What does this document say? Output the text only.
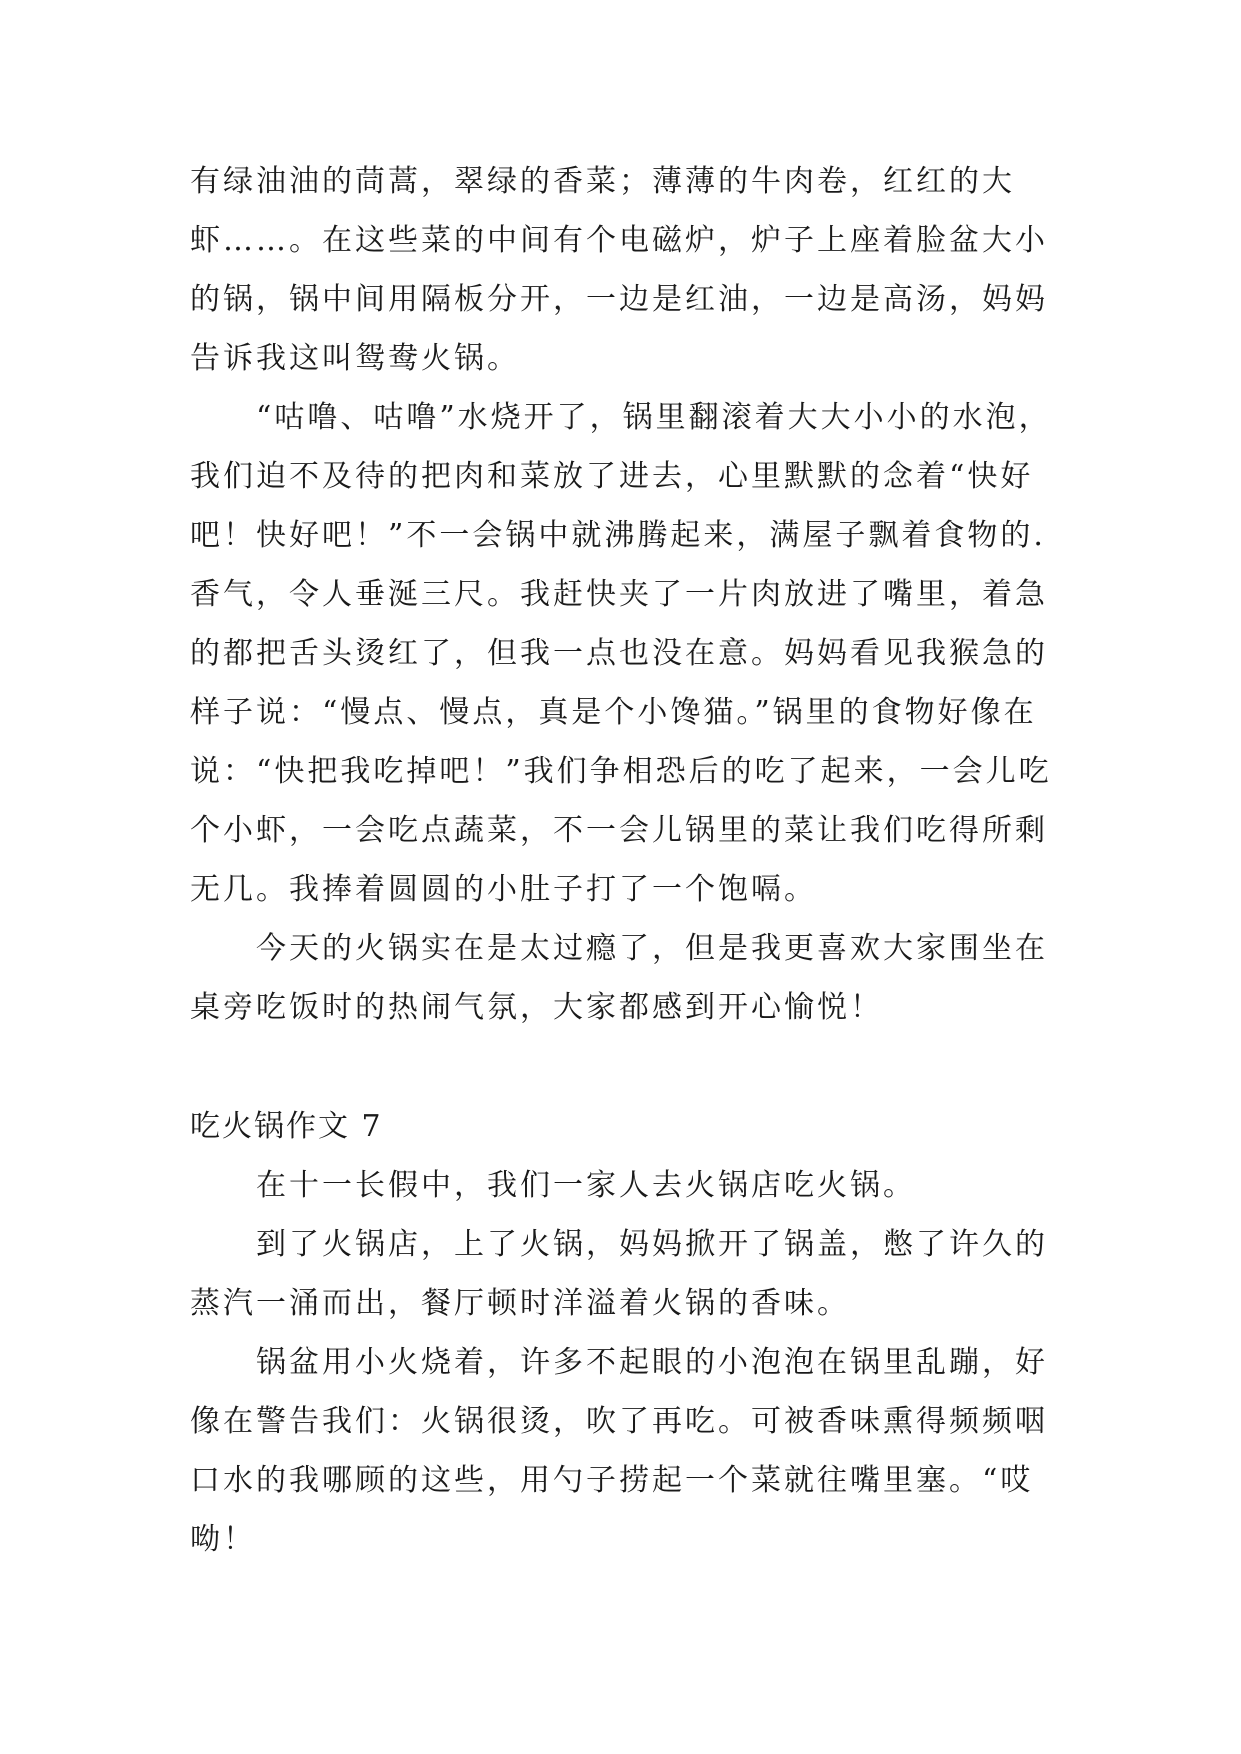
有绿油油的茼蒿，翠绿的香菜；薄薄的牛肉卷，红红的大
虾……。在这些菜的中间有个电磁炉，炉子上座着脸盆大小
的锅，锅中间用隔板分开，一边是红油，一边是高汤，妈妈
告诉我这叫鸳鸯火锅。
“咕噜、咕噜”水烧开了，锅里翻滚着大大小小的水泡，
我们迫不及待的把肉和菜放了进去，心里默默的念着“快好
吧！快好吧！”不一会锅中就沸腾起来，满屋子飘着食物的.
香气，令人垂涎三尺。我赶快夹了一片肉放进了嘴里，着急
的都把舌头烫红了，但我一点也没在意。妈妈看见我猴急的
样子说：“慢点、慢点，真是个小馋猫。”锅里的食物好像在
说：“快把我吃掉吧！”我们争相恐后的吃了起来，一会儿吃
个小虾，一会吃点蔬菜，不一会儿锅里的菜让我们吃得所剩
无几。我捧着圆圆的小肚子打了一个饱嗝。
今天的火锅实在是太过瘾了，但是我更喜欢大家围坐在
桌旁吃饭时的热闹气氛，大家都感到开心愉悦！
吃火锅作文 7
在十一长假中，我们一家人去火锅店吃火锅。
到了火锅店，上了火锅，妈妈掀开了锅盖，憋了许久的
蒸汽一涌而出，餐厅顿时洋溢着火锅的香味。
锅盆用小火烧着，许多不起眼的小泡泡在锅里乱蹦，好
像在警告我们：火锅很烫，吹了再吃。可被香味熏得频频咽
口水的我哪顾的这些，用勺子捞起一个菜就往嘴里塞。“哎
呦！
